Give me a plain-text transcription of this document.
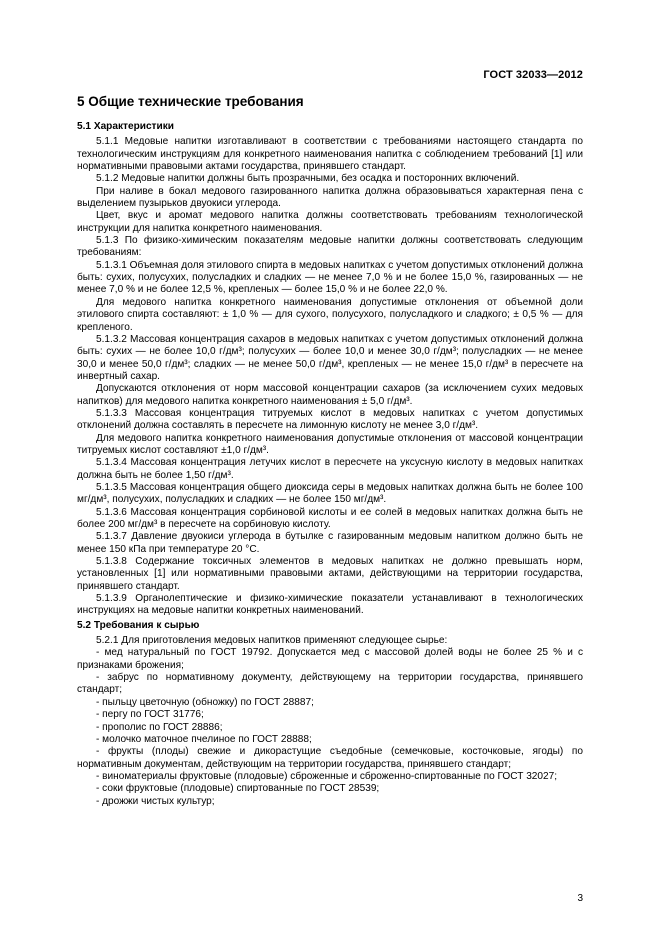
ГОСТ 32033—2012
5 Общие технические требования
5.1 Характеристики

5.1.1 Медовые напитки изготавливают в соответствии с требованиями настоящего стандарта по технологическим инструкциям для конкретного наименования напитка с соблюдением требований [1] или нормативными правовыми актами государства, принявшего стандарт.

5.1.2 Медовые напитки должны быть прозрачными, без осадка и посторонних включений.

При наливе в бокал медового газированного напитка должна образовываться характерная пена с выделением пузырьков двуокиси углерода.

Цвет, вкус и аромат медового напитка должны соответствовать требованиям технологической инструкции для напитка конкретного наименования.

5.1.3 По физико-химическим показателям медовые напитки должны соответствовать следующим требованиям:

5.1.3.1 Объемная доля этилового спирта в медовых напитках с учетом допустимых отклонений должна быть: сухих, полусухих, полусладких и сладких — не менее 7,0 % и не более 15,0 %, газированных — не менее 7,0 % и не более 12,5 %, крепленых — более 15,0 % и не более 22,0 %.

Для медового напитка конкретного наименования допустимые отклонения от объемной доли этилового спирта составляют: ± 1,0 % — для сухого, полусухого, полусладкого и сладкого; ± 0,5 % — для крепленого.

5.1.3.2 Массовая концентрация сахаров в медовых напитках с учетом допустимых отклонений должна быть: сухих — не более 10,0 г/дм³; полусухих — более 10,0 и менее 30,0 г/дм³; полусладких — не менее 30,0 и менее 50,0 г/дм³; сладких — не менее 50,0 г/дм³, крепленых — не менее 15,0 г/дм³ в пересчете на инвертный сахар.

Допускаются отклонения от норм массовой концентрации сахаров (за исключением сухих медовых напитков) для медового напитка конкретного наименования ± 5,0 г/дм³.

5.1.3.3 Массовая концентрация титруемых кислот в медовых напитках с учетом допустимых отклонений должна составлять в пересчете на лимонную кислоту не менее 3,0 г/дм³.

Для медового напитка конкретного наименования допустимые отклонения от массовой концентрации титруемых кислот составляют ±1,0 г/дм³.

5.1.3.4 Массовая концентрация летучих кислот в пересчете на уксусную кислоту в медовых напитках должна быть не более 1,50 г/дм³.

5.1.3.5 Массовая концентрация общего диоксида серы в медовых напитках должна быть не более 100 мг/дм³, полусухих, полусладких и сладких — не более 150 мг/дм³.

5.1.3.6 Массовая концентрация сорбиновой кислоты и ее солей в медовых напитках должна быть не более 200 мг/дм³ в пересчете на сорбиновую кислоту.

5.1.3.7 Давление двуокиси углерода в бутылке с газированным медовым напитком должно быть не менее 150 кПа при температуре 20 °С.

5.1.3.8 Содержание токсичных элементов в медовых напитках не должно превышать норм, установленных [1] или нормативными правовыми актами, действующими на территории государства, принявшего стандарт.

5.1.3.9 Органолептические и физико-химические показатели устанавливают в технологических инструкциях на медовые напитки конкретных наименований.

5.2 Требования к сырью

5.2.1 Для приготовления медовых напитков применяют следующее сырье:

- мед натуральный по ГОСТ 19792. Допускается мед с массовой долей воды не более 25 % и с признаками брожения;

- забрус по нормативному документу, действующему на территории государства, принявшего стандарт;

- пыльцу цветочную (обножку) по ГОСТ 28887;

- пергу по ГОСТ 31776;

- прополис по ГОСТ 28886;

- молочко маточное пчелиное по ГОСТ 28888;

- фрукты (плоды) свежие и дикорастущие съедобные (семечковые, косточковые, ягоды) по нормативным документам, действующим на территории государства, принявшего стандарт;

- виноматериалы фруктовые (плодовые) сброженные и сброженно-спиртованные по ГОСТ 32027;

- соки фруктовые (плодовые) спиртованные по ГОСТ 28539;

- дрожжи чистых культур;

3
